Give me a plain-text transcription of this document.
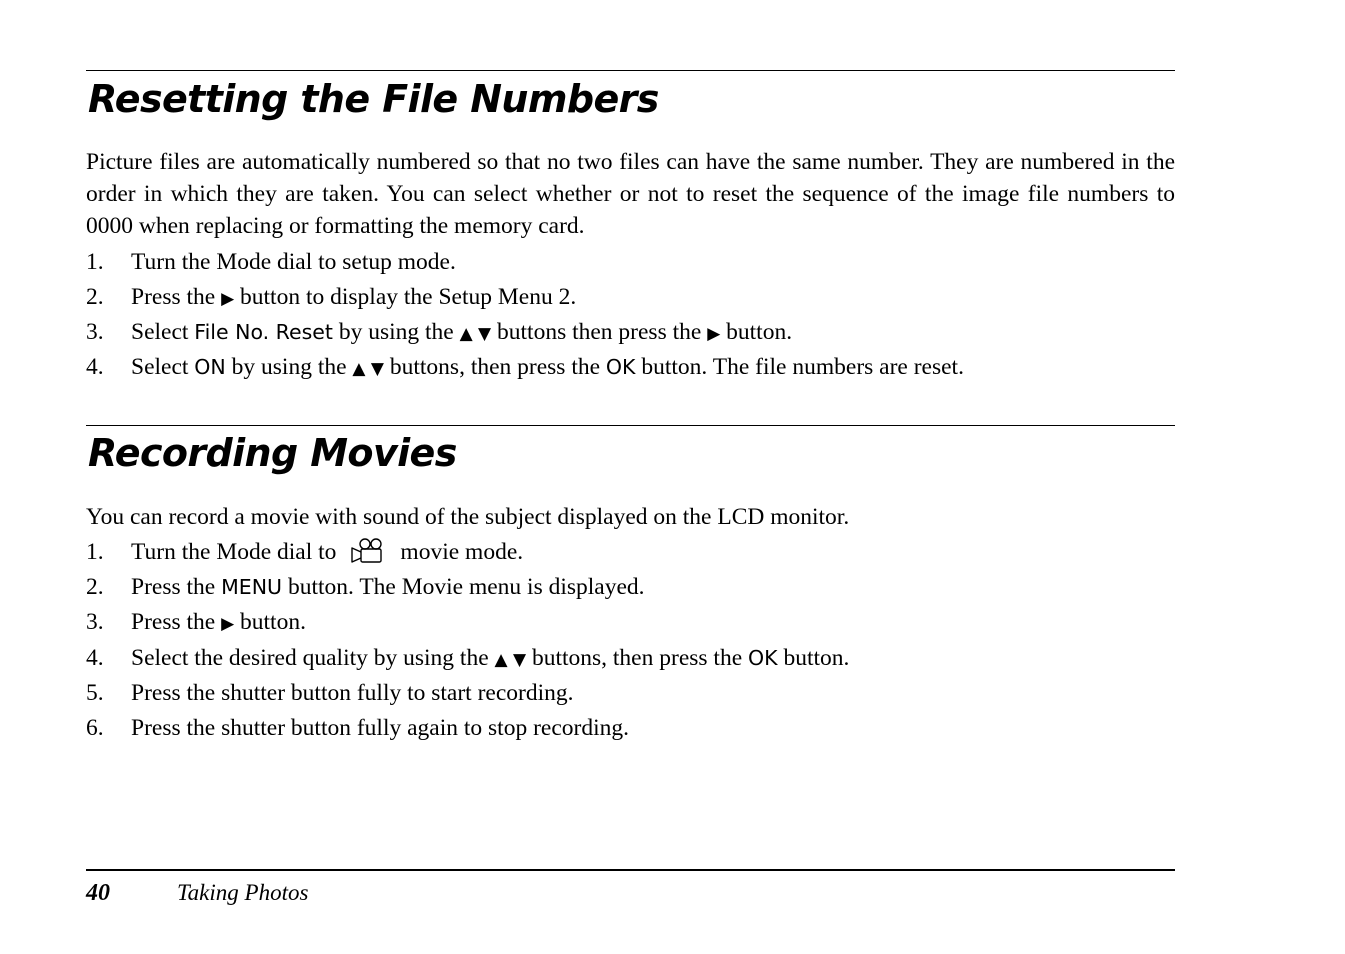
Resetting the File Numbers

Picture files are automatically numbered so that no two files can have the same number. They are numbered in the order in which they are taken. You can select whether or not to reset the sequence of the image file numbers to 0000 when replacing or formatting the memory card.

1. Turn the Mode dial to setup mode.
2. Press the ▶ button to display the Setup Menu 2.
3. Select File No. Reset by using the ▲ ▼ buttons then press the ▶ button.
4. Select ON by using the ▲ ▼ buttons, then press the OK button. The file numbers are reset.
Recording Movies

You can record a movie with sound of the subject displayed on the LCD monitor.

1. Turn the Mode dial to	movie mode.
2. Press the MENU button. The Movie menu is displayed.
3. Press the ▶ button.
4. Select the desired quality by using the ▲ ▼ buttons, then press the OK button.
5. Press the shutter button fully to start recording.
6. Press the shutter button fully again to stop recording.
40	Taking Photos
